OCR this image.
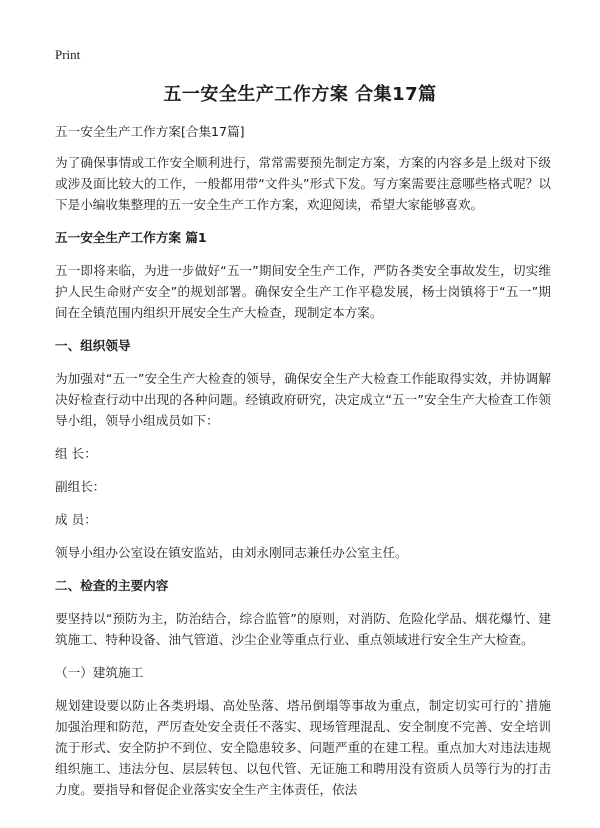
Print
五一安全生产工作方案 合集17篇

五一安全生产工作方案[合集17篇]

为了确保事情或工作安全顺利进行，常常需要预先制定方案，方案的内容多是上级对下级或涉及面比较大的工作，一般都用带“文件头”形式下发。写方案需要注意哪些格式呢？以下是小编收集整理的五一安全生产工作方案，欢迎阅读，希望大家能够喜欢。

五一安全生产工作方案 篇1

五一即将来临，为进一步做好“五一”期间安全生产工作，严防各类安全事故发生，切实维护人民生命财产安全”的规划部署。确保安全生产工作平稳发展，杨士岗镇将于“五一”期间在全镇范围内组织开展安全生产大检查，现制定本方案。

一、组织领导

为加强对“五一”安全生产大检查的领导，确保安全生产大检查工作能取得实效，并协调解决好检查行动中出现的各种问题。经镇政府研究，决定成立“五一”安全生产大检查工作领导小组，领导小组成员如下：

组 长：

副组长：

成 员：

领导小组办公室设在镇安监站，由刘永刚同志兼任办公室主任。

二、检查的主要内容

要坚持以“预防为主，防治结合，综合监管”的原则，对消防、危险化学品、烟花爆竹、建筑施工、特种设备、油气管道、沙尘企业等重点行业、重点领域进行安全生产大检查。

（一）建筑施工

规划建设要以防止各类坍塌、高处坠落、塔吊倒塌等事故为重点，制定切实可行的`措施加强治理和防范，严厉查处安全责任不落实、现场管理混乱、安全制度不完善、安全培训流于形式、安全防护不到位、安全隐患较多、问题严重的在建工程。重点加大对违法违规组织施工、违法分包、层层转包、以包代管、无证施工和聘用没有资质人员等行为的打击力度。要指导和督促企业落实安全生产主体责任，依法
